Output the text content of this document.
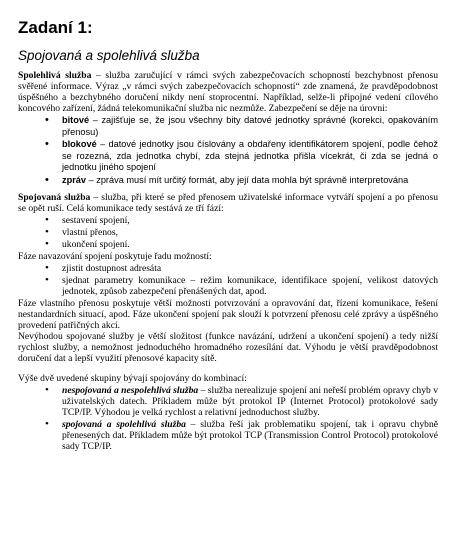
Zadaní 1:
Spojovaná a spolehlivá služba

Spolehlivá služba – služba zaručující v rámci svých zabezpečovacích schopností bezchybnost přenosu svěřené informace. Výraz „v rámci svých zabezpečovacích schopností“ zde znamená, že pravděpodobnost úspěšného a bezchybného doručení nikdy není stoprocentní. Například, selže-li připojné vedení cílového koncového zařízení, žádná telekomunikační služba nic nezmůže. Zabezpečení se děje na úrovni:

• bitové – zajišťuje se, že jsou všechny bity datové jednotky správné (korekci, opakováním přenosu)
• blokové – datové jednotky jsou číslovány a obdařeny identifikátorem spojení, podle čehož se rozezná, zda jednotka chybí, zda stejná jednotka přišla vícekrát, či zda se jedná o jednotku jiného spojení
• zpráv – zpráva musí mít určitý formát, aby její data mohla být správně interpretována

Spojovaná služba – služba, při které se před přenosem uživatelské informace vytváří spojení a po přenosu se opět ruší. Celá komunikace tedy sestává ze tří fází:

• sestavení spojení,
• vlastní přenos,
• ukončení spojení.

Fáze navazování spojení poskytuje řadu možností:

• zjistit dostupnost adresáta
• sjednat parametry komunikace – režim komunikace, identifikace spojení, velikost datových jednotek, způsob zabezpečení přenášených dat, apod.

Fáze vlastního přenosu poskytuje větší možnosti potvrzování a opravování dat, řízení komunikace, řešení nestandardních situací, apod. Fáze ukončení spojení pak slouží k potvrzení přenosu celé zprávy a úspěšného provedení patřičných akcí.

Nevýhodou spojované služby je větší složitost (funkce navázání, udržení a ukončení spojení) a tedy nižší rychlost služby, a nemožnost jednoduchého hromadného rozesílání dat. Výhodu je větší pravděpodobnost doručení dat a lepší využití přenosové kapacity sítě.

Výše dvě uvedené skupiny bývají spojovány do kombinací:

• nespojovaná a nespolehlivá služba – služba nerealizuje spojení ani neřeší problém opravy chyb v uživatelských datech. Příkladem může být protokol IP (Internet Protocol) protokolové sady TCP/IP. Výhodou je velká rychlost a relativní jednoduchost služby.
• spojovaná a spolehlivá služba – služba řeší jak problematiku spojení, tak i opravu chybně přenesených dat. Příkladem může být protokol TCP (Transmission Control Protocol) protokolové sady TCP/IP.
